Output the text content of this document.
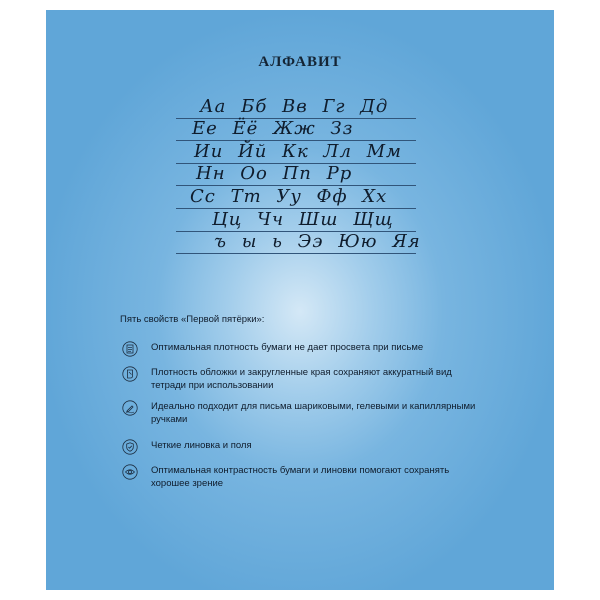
АЛФАВИТ
Аа Бб Вв Гг Дд
Ее Ёё Жж Зз
Ии Йй Кк Лл Мм
Нн Оо Пп Рр
Сс Тт Уу Фф Хх
Цц Чч Шш Щщ
ъ ы ь Ээ Юю Яя
Пять свойств «Первой пятёрки»:
Оптимальная плотность бумаги не дает просвета при письме
Плотность обложки и закругленные края сохраняют аккуратный вид тетради при использовании
Идеально подходит для письма шариковыми, гелевыми и капиллярными ручками
Четкие линовка и поля
Оптимальная контрастность бумаги и линовки помогают сохранять хорошее зрение
